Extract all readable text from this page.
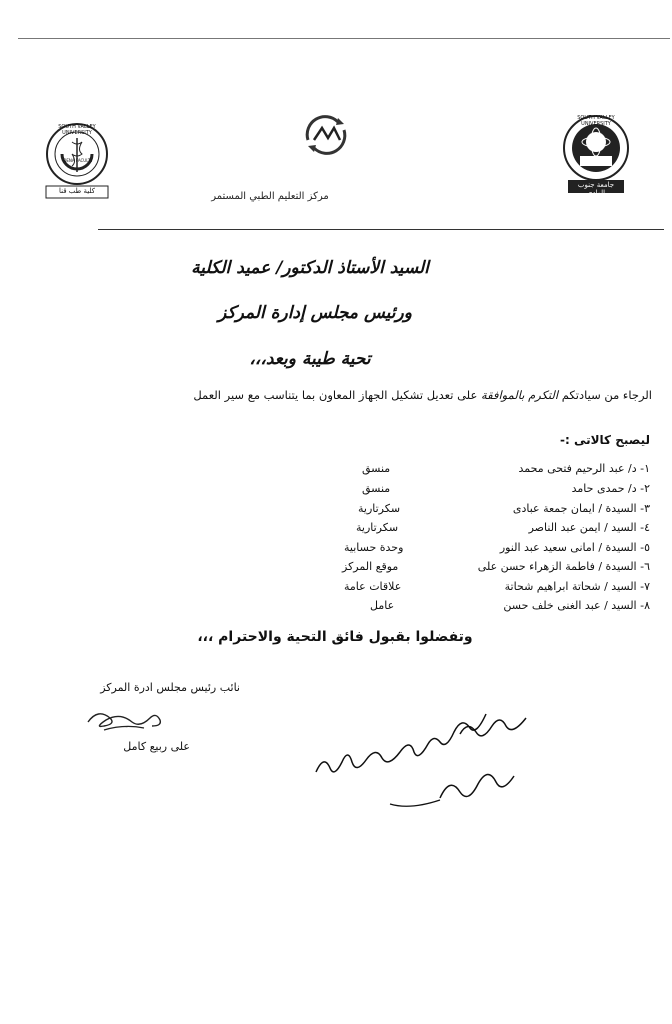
SOUTH VALLEY UNIVERSITY
QENA FACULTY
كلية طب قنا
SOUTH VALLEY UNIVERSITY
جامعة جنوب الوادى
مركز التعليم الطبي المستمر
السيد الأستاذ الدكتور/ عميد الكلية
ورئيس مجلس إدارة المركز
تحية طيبة وبعد،،،
الرجاء من سيادتكم التكرم بالموافقة على تعديل تشكيل الجهاز المعاون بما يتناسب مع سير العمل
ليصبح كالاتى :-
١- د/ عبد الرحيم فتحى محمد
منسق
٢- د/ حمدى حامد
منسق
٣- السيدة / ايمان جمعة عبادى
سكرتارية
٤- السيد / ايمن عبد الناصر
سكرتارية
٥- السيدة / امانى سعيد عبد النور
وحدة حسابية
٦- السيدة / فاطمة الزهراء حسن على
موقع المركز
٧- السيد / شحاتة ابراهيم شحاتة
علاقات عامة
٨- السيد / عبد الغنى خلف حسن
عامل
وتفضلوا بقبول فائق التحية والاحترام ،،،
نائب رئيس مجلس ادرة المركز
على ربيع كامل
